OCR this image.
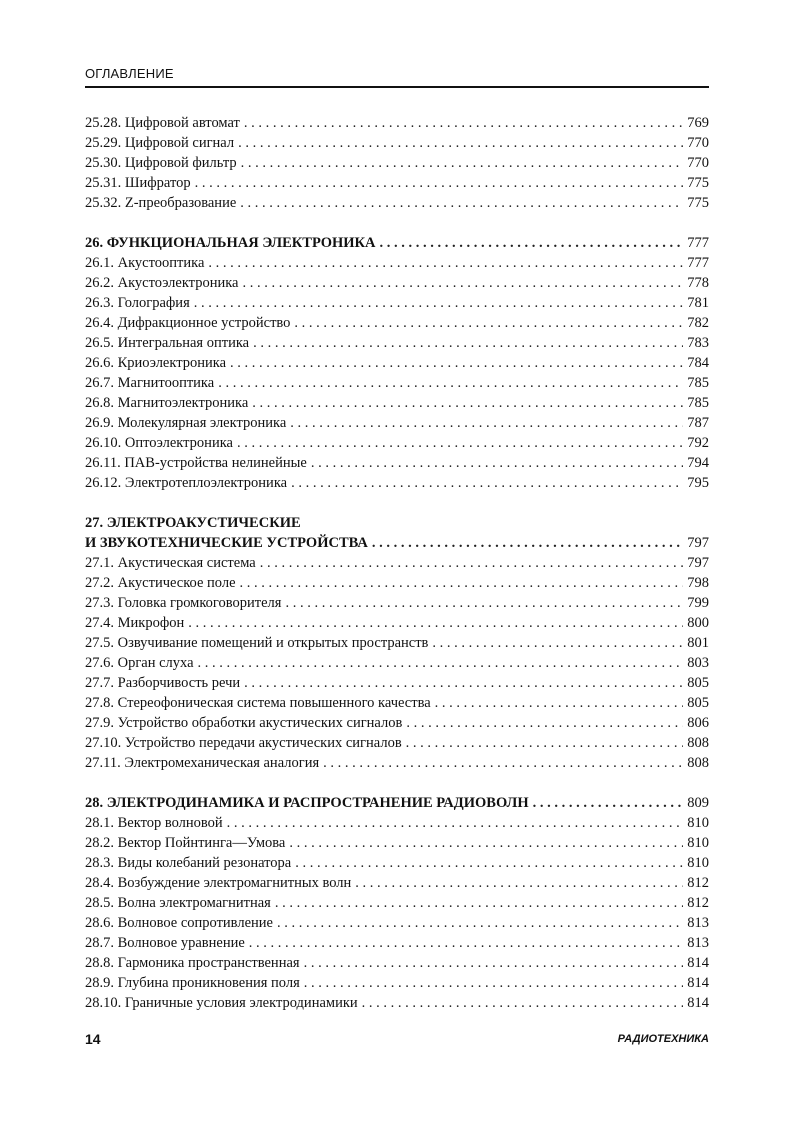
ОГЛАВЛЕНИЕ
25.28. Цифровой автомат . . .	769
25.29. Цифровой сигнал . . .	770
25.30. Цифровой фильтр . . .	770
25.31. Шифратор . . .	775
25.32. Z-преобразование . . .	775
26. ФУНКЦИОНАЛЬНАЯ ЭЛЕКТРОНИКА . . .	777
26.1. Акустооптика . . .	777
26.2. Акустоэлектроника . . .	778
26.3. Голография . . .	781
26.4. Дифракционное устройство . . .	782
26.5. Интегральная оптика . . .	783
26.6. Криоэлектроника . . .	784
26.7. Магнитооптика . . .	785
26.8. Магнитоэлектроника . . .	785
26.9. Молекулярная электроника . . .	787
26.10. Оптоэлектроника . . .	792
26.11. ПАВ-устройства нелинейные . . .	794
26.12. Электротеплоэлектроника . . .	795
27. ЭЛЕКТРОАКУСТИЧЕСКИЕ
И ЗВУКОТЕХНИЧЕСКИЕ УСТРОЙСТВА . . .	797
27.1. Акустическая система . . .	797
27.2. Акустическое поле . . .	798
27.3. Головка громкоговорителя . . .	799
27.4. Микрофон . . .	800
27.5. Озвучивание помещений и открытых пространств . . .	801
27.6. Орган слуха . . .	803
27.7. Разборчивость речи . . .	805
27.8. Стереофоническая система повышенного качества . . .	805
27.9. Устройство обработки акустических сигналов . . .	806
27.10. Устройство передачи акустических сигналов . . .	808
27.11. Электромеханическая аналогия . . .	808
28. ЭЛЕКТРОДИНАМИКА И РАСПРОСТРАНЕНИЕ РАДИОВОЛН . . .	809
28.1. Вектор волновой . . .	810
28.2. Вектор Пойнтинга—Умова . . .	810
28.3. Виды колебаний резонатора . . .	810
28.4. Возбуждение электромагнитных волн . . .	812
28.5. Волна электромагнитная . . .	812
28.6. Волновое сопротивление . . .	813
28.7. Волновое уравнение . . .	813
28.8. Гармоника пространственная . . .	814
28.9. Глубина проникновения поля . . .	814
28.10. Граничные условия электродинамики . . .	814
14	РАДИОТЕХНИКА
